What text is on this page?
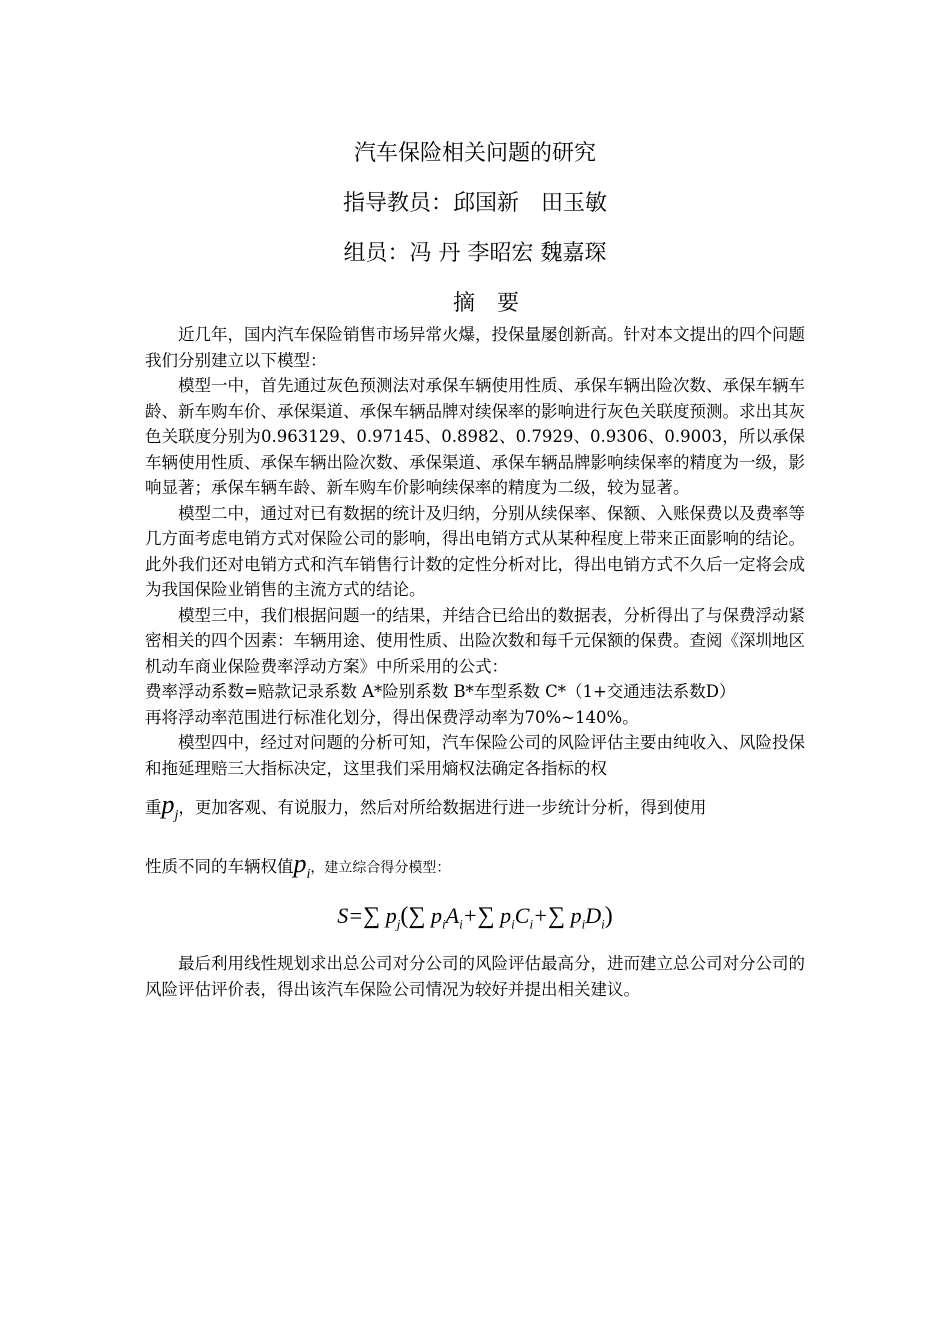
汽车保险相关问题的研究
指导教员：邱国新　田玉敏
组员：冯 丹 李昭宏 魏嘉琛
摘要

近几年，国内汽车保险销售市场异常火爆，投保量屡创新高。针对本文提出的四个问题我们分别建立以下模型：

模型一中，首先通过灰色预测法对承保车辆使用性质、承保车辆出险次数、承保车辆车龄、新车购车价、承保渠道、承保车辆品牌对续保率的影响进行灰色关联度预测。求出其灰色关联度分别为0.963129、0.97145、0.8982、0.7929、0.9306、0.9003，所以承保车辆使用性质、承保车辆出险次数、承保渠道、承保车辆品牌影响续保率的精度为一级，影响显著；承保车辆车龄、新车购车价影响续保率的精度为二级，较为显著。

模型二中，通过对已有数据的统计及归纳，分别从续保率、保额、入账保费以及费率等几方面考虑电销方式对保险公司的影响，得出电销方式从某种程度上带来正面影响的结论。此外我们还对电销方式和汽车销售行计数的定性分析对比，得出电销方式不久后一定将会成为我国保险业销售的主流方式的结论。

模型三中，我们根据问题一的结果，并结合已给出的数据表，分析得出了与保费浮动紧密相关的四个因素：车辆用途、使用性质、出险次数和每千元保额的保费。查阅《深圳地区机动车商业保险费率浮动方案》中所采用的公式：

费率浮动系数=赔款记录系数 A*险别系数 B*车型系数 C*（1+交通违法系数D）

再将浮动率范围进行标准化划分，得出保费浮动率为70%~140%。

模型四中，经过对问题的分析可知，汽车保险公司的风险评估主要由纯收入、风险投保和拖延理赔三大指标决定，这里我们采用熵权法确定各指标的权

重$p_j$，更加客观、有说服力，然后对所给数据进行进一步统计分析，得到使用

性质不同的车辆权值$p_i$，建立综合得分模型：

S=∑ $p_j(\sum$ $p_iA_i+\sum$ $p_iC_i+\sum$ $p_iD_i$)

最后利用线性规划求出总公司对分公司的风险评估最高分，进而建立总公司对分公司的风险评估评价表，得出该汽车保险公司情况为较好并提出相关建议。
